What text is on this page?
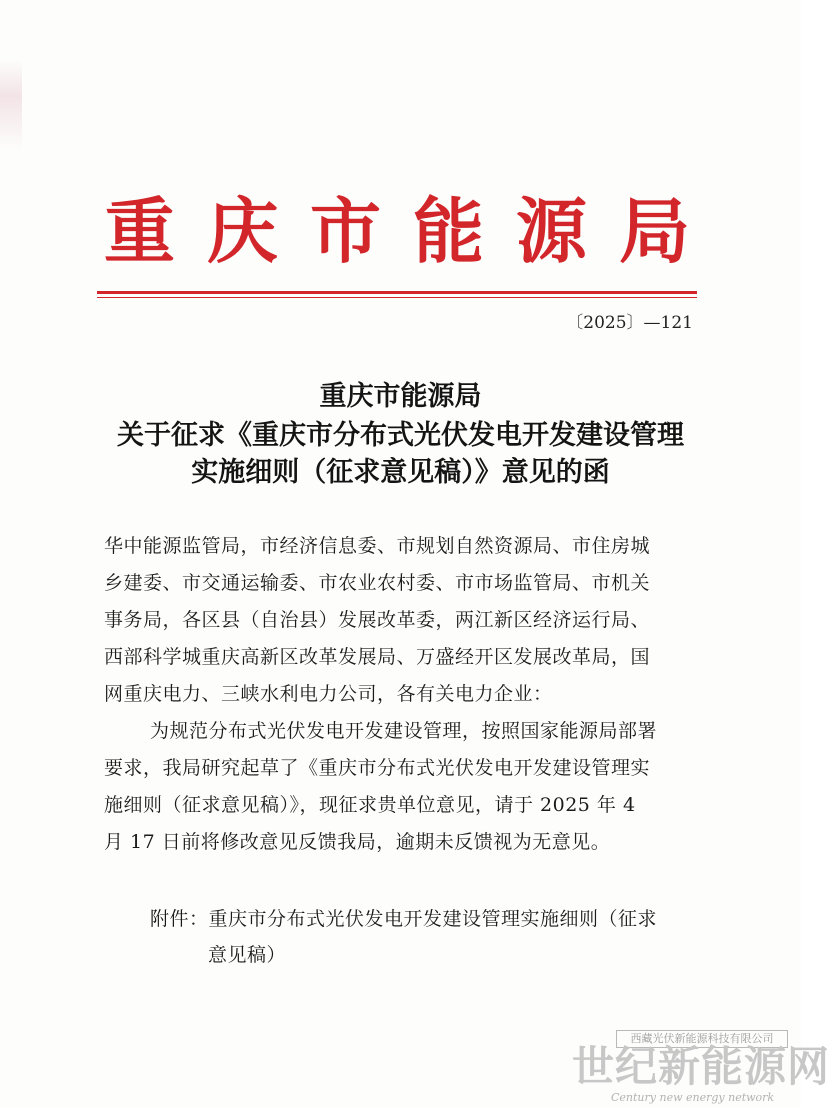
重庆市能源局
〔2025〕—121
重庆市能源局
关于征求《重庆市分布式光伏发电开发建设管理
实施细则（征求意见稿）》意见的函
华中能源监管局，市经济信息委、市规划自然资源局、市住房城
乡建委、市交通运输委、市农业农村委、市市场监管局、市机关
事务局，各区县（自治县）发展改革委，两江新区经济运行局、
西部科学城重庆高新区改革发展局、万盛经开区发展改革局，国
网重庆电力、三峡水利电力公司，各有关电力企业：
为规范分布式光伏发电开发建设管理，按照国家能源局部署
要求，我局研究起草了《重庆市分布式光伏发电开发建设管理实
施细则（征求意见稿）》，现征求贵单位意见，请于 2025 年 4
月 17 日前将修改意见反馈我局，逾期未反馈视为无意见。
附件：重庆市分布式光伏发电开发建设管理实施细则（征求
意见稿）
西藏光伏新能源科技有限公司
世纪新能源网
Century new energy network
